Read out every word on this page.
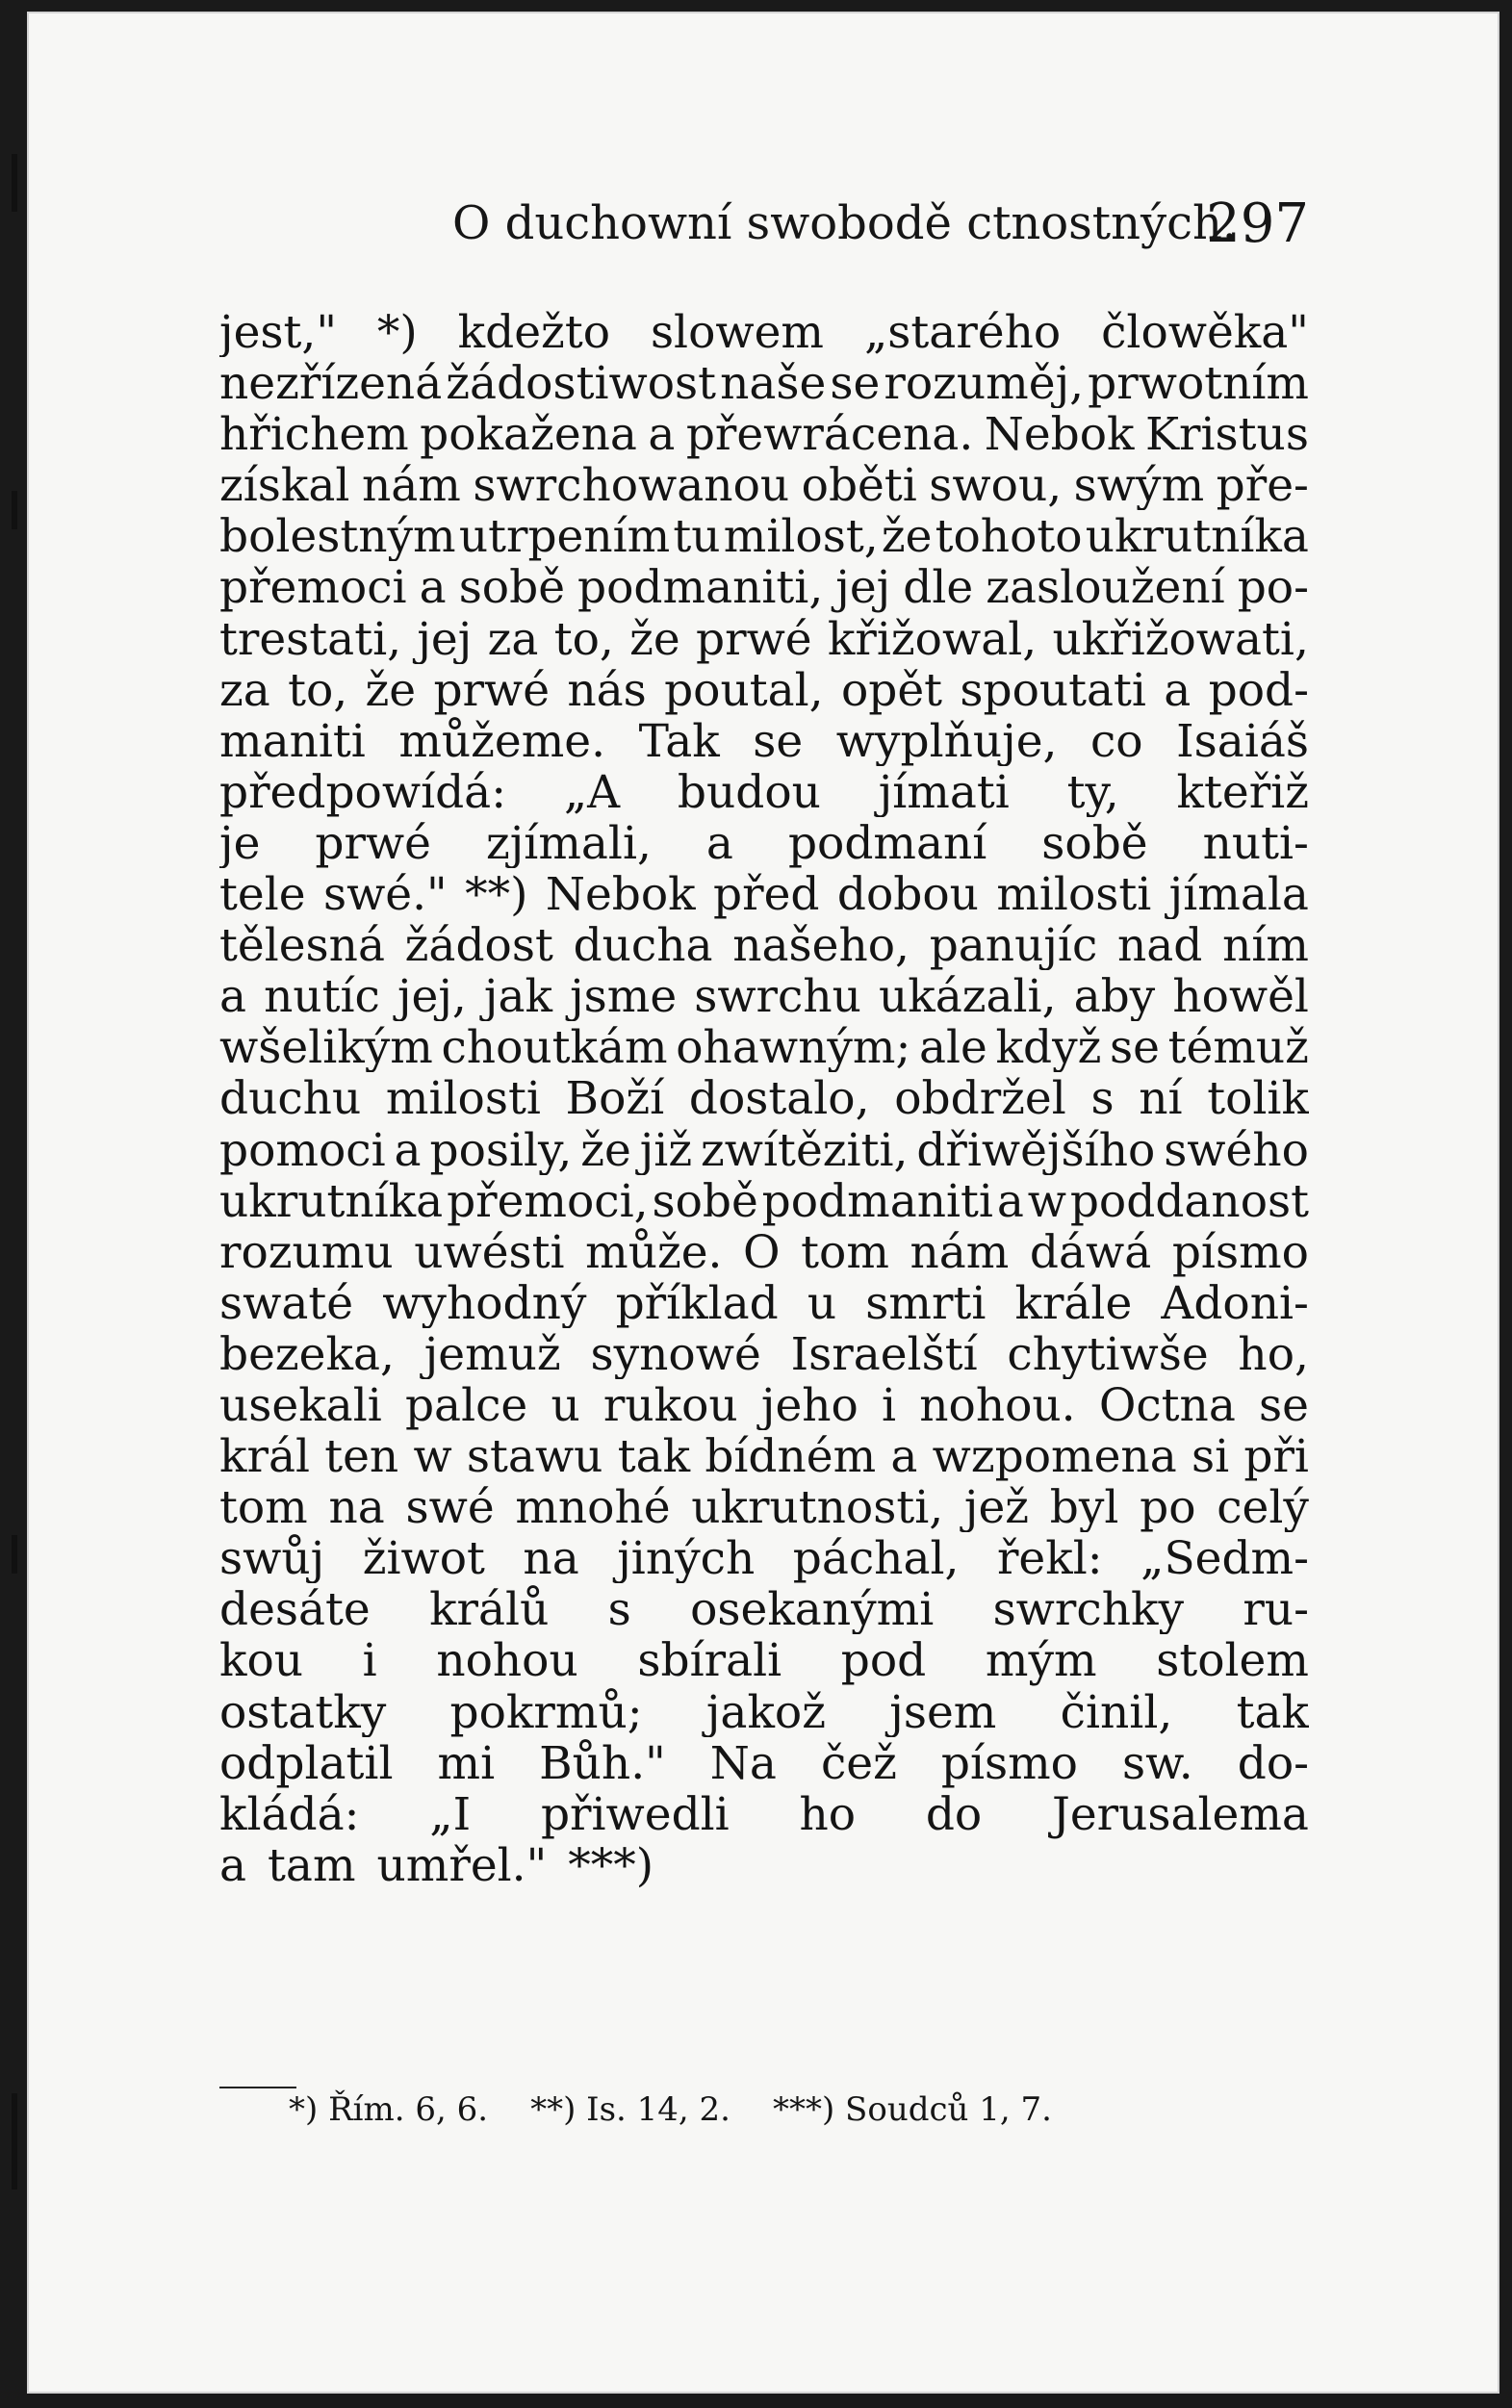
O duchowní swobodě ctnostných.
297
jest," *) kdežto slowem „starého člowěka"
nezřízená žádostiwost naše se rozuměj, prwotním
hřichem pokažena a přewrácena. Nebok Kristus
získal nám swrchowanou oběti swou, swým pře-
bolestným utrpením tu milost, že tohoto ukrutníka
přemoci a sobě podmaniti, jej dle zasloužení po-
trestati, jej za to, že prwé křižowal, ukřižowati,
za to, že prwé nás poutal, opět spoutati a pod-
maniti můžeme. Tak se wyplňuje, co Isaiáš
předpowídá: „A budou jímati ty, kteřiž
je prwé zjímali, a podmaní sobě nuti-
tele swé." **) Nebok před dobou milosti jímala
tělesná žádost ducha našeho, panujíc nad ním
a nutíc jej, jak jsme swrchu ukázali, aby howěl
wšelikým choutkám ohawným; ale když se témuž
duchu milosti Boží dostalo, obdržel s ní tolik
pomoci a posily, že již zwítěziti, dřiwějšího swého
ukrutníka přemoci, sobě podmaniti a w poddanost
rozumu uwésti může. O tom nám dáwá písmo
swaté wyhodný příklad u smrti krále Adoni-
bezeka, jemuž synowé Israelští chytiwše ho,
usekali palce u rukou jeho i nohou. Octna se
král ten w stawu tak bídném a wzpomena si při
tom na swé mnohé ukrutnosti, jež byl po celý
swůj žiwot na jiných páchal, řekl: „Sedm-
desáte králů s osekanými swrchky ru-
kou i nohou sbírali pod mým stolem
ostatky pokrmů; jakož jsem činil, tak
odplatil mi Bůh." Na čež písmo sw. do-
kládá: „I přiwedli ho do Jerusalema
a tam umřel." ***)
*) Řím. 6, 6. **) Is. 14, 2. ***) Soudců 1, 7.
